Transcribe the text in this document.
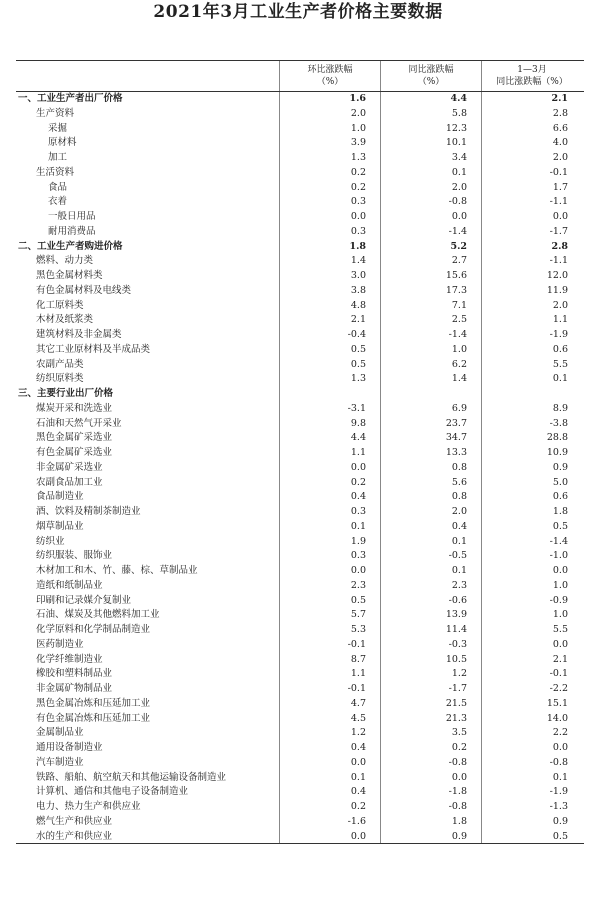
2021年3月工业生产者价格主要数据
环比涨跌幅
（%）
同比涨跌幅
（%）
1—3月
同比涨跌幅（%）
一、工业生产者出厂价格	1.6	4.4	2.1
生产资料	2.0	5.8	2.8
采掘	1.0	12.3	6.6
原材料	3.9	10.1	4.0
加工	1.3	3.4	2.0
生活资料	0.2	0.1	-0.1
食品	0.2	2.0	1.7
衣着	0.3	-0.8	-1.1
一般日用品	0.0	0.0	0.0
耐用消费品	0.3	-1.4	-1.7
二、工业生产者购进价格	1.8	5.2	2.8
燃料、动力类	1.4	2.7	-1.1
黑色金属材料类	3.0	15.6	12.0
有色金属材料及电线类	3.8	17.3	11.9
化工原料类	4.8	7.1	2.0
木材及纸浆类	2.1	2.5	1.1
建筑材料及非金属类	-0.4	-1.4	-1.9
其它工业原材料及半成品类	0.5	1.0	0.6
农副产品类	0.5	6.2	5.5
纺织原料类	1.3	1.4	0.1
三、主要行业出厂价格
煤炭开采和洗选业	-3.1	6.9	8.9
石油和天然气开采业	9.8	23.7	-3.8
黑色金属矿采选业	4.4	34.7	28.8
有色金属矿采选业	1.1	13.3	10.9
非金属矿采选业	0.0	0.8	0.9
农副食品加工业	0.2	5.6	5.0
食品制造业	0.4	0.8	0.6
酒、饮料及精制茶制造业	0.3	2.0	1.8
烟草制品业	0.1	0.4	0.5
纺织业	1.9	0.1	-1.4
纺织服装、服饰业	0.3	-0.5	-1.0
木材加工和木、竹、藤、棕、草制品业	0.0	0.1	0.0
造纸和纸制品业	2.3	2.3	1.0
印刷和记录媒介复制业	0.5	-0.6	-0.9
石油、煤炭及其他燃料加工业	5.7	13.9	1.0
化学原料和化学制品制造业	5.3	11.4	5.5
医药制造业	-0.1	-0.3	0.0
化学纤维制造业	8.7	10.5	2.1
橡胶和塑料制品业	1.1	1.2	-0.1
非金属矿物制品业	-0.1	-1.7	-2.2
黑色金属冶炼和压延加工业	4.7	21.5	15.1
有色金属冶炼和压延加工业	4.5	21.3	14.0
金属制品业	1.2	3.5	2.2
通用设备制造业	0.4	0.2	0.0
汽车制造业	0.0	-0.8	-0.8
铁路、船舶、航空航天和其他运输设备制造业	0.1	0.0	0.1
计算机、通信和其他电子设备制造业	0.4	-1.8	-1.9
电力、热力生产和供应业	0.2	-0.8	-1.3
燃气生产和供应业	-1.6	1.8	0.9
水的生产和供应业	0.0	0.9	0.5
